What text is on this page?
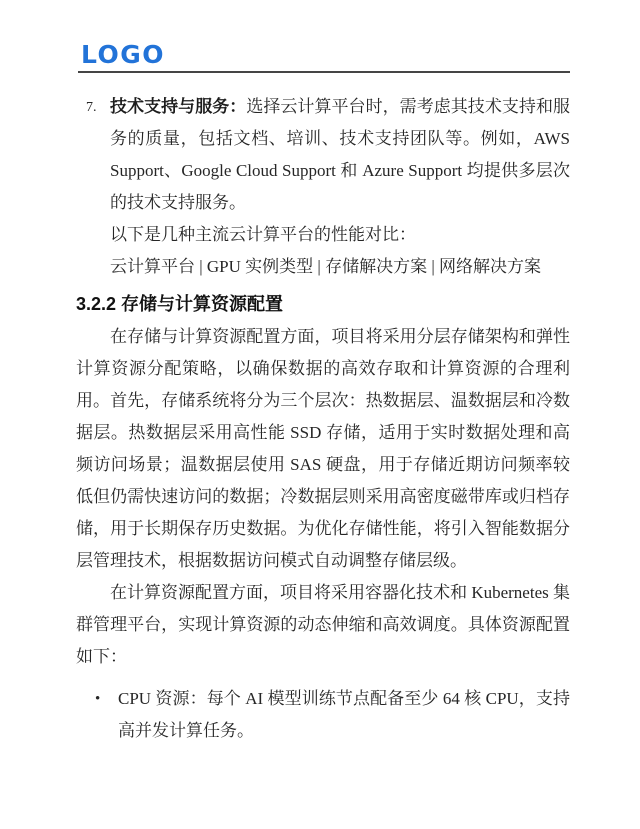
LOGO
7. 技术支持与服务：选择云计算平台时，需考虑其技术支持和服务的质量，包括文档、培训、技术支持团队等。例如，AWS Support、Google Cloud Support 和 Azure Support 均提供多层次的技术支持服务。

以下是几种主流云计算平台的性能对比：

云计算平台 | GPU 实例类型 | 存储解决方案 | 网络解决方案

3.2.2 存储与计算资源配置

在存储与计算资源配置方面，项目将采用分层存储架构和弹性计算资源分配策略，以确保数据的高效存取和计算资源的合理利用。首先，存储系统将分为三个层次：热数据层、温数据层和冷数据层。热数据层采用高性能 SSD 存储，适用于实时数据处理和高频访问场景；温数据层使用 SAS 硬盘，用于存储近期访问频率较低但仍需快速访问的数据；冷数据层则采用高密度磁带库或归档存储，用于长期保存历史数据。为优化存储性能，将引入智能数据分层管理技术，根据数据访问模式自动调整存储层级。

在计算资源配置方面，项目将采用容器化技术和 Kubernetes 集群管理平台，实现计算资源的动态伸缩和高效调度。具体资源配置如下：

• CPU 资源：每个 AI 模型训练节点配备至少 64 核 CPU，支持高并发计算任务。
